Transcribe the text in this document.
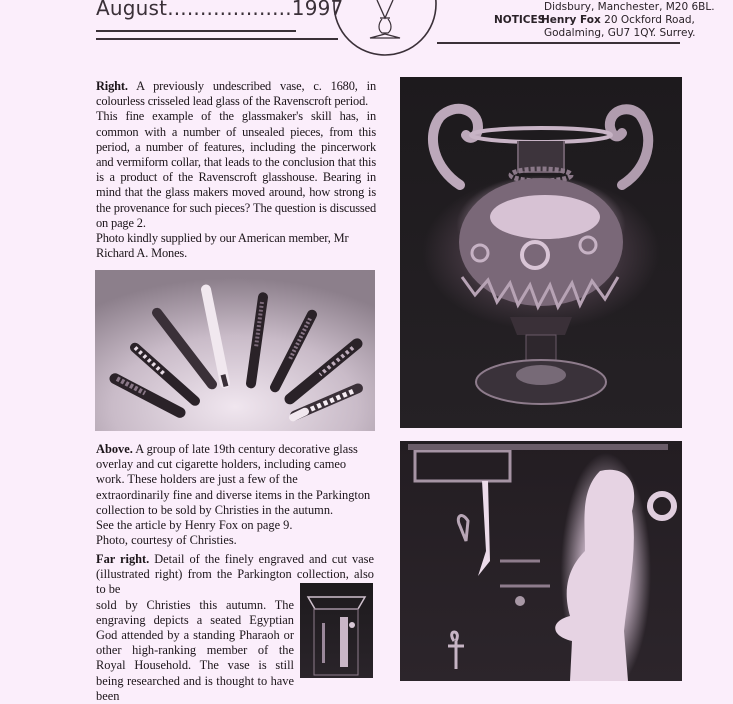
August...................1997	Didsbury, Manchester, M20 6BL.
NOTICES
Henry Fox 20 Ockford Road,
Godalming, GU7 1QY. Surrey.
Right. A previously undescribed vase, c. 1680, in colourless crisseled lead glass of the Ravenscroft period.
This fine example of the glassmaker's skill has, in common with a number of unsealed pieces, from this period, a number of features, including the pincerwork and vermiform collar, that leads to the conclusion that this is a product of the Ravenscroft glasshouse. Bearing in mind that the glass makers moved around, how strong is the provenance for such pieces? The question is discussed on page 2.
Photo kindly supplied by our American member, Mr Richard A. Mones.
Above. A group of late 19th century decorative glass overlay and cut cigarette holders, including cameo work. These holders are just a few of the extraordinarily fine and diverse items in the Parkington collection to be sold by Christies in the autumn.
See the article by Henry Fox on page 9.
Photo, courtesy of Christies.
Far right. Detail of the finely engraved and cut vase (illustrated right) from the Parkington collection, also to be
sold by Christies this autumn. The engraving depicts a seated Egyptian God attended by a standing Pharaoh or other high-ranking member of the Royal Household. The vase is still being researched and is thought to have been
